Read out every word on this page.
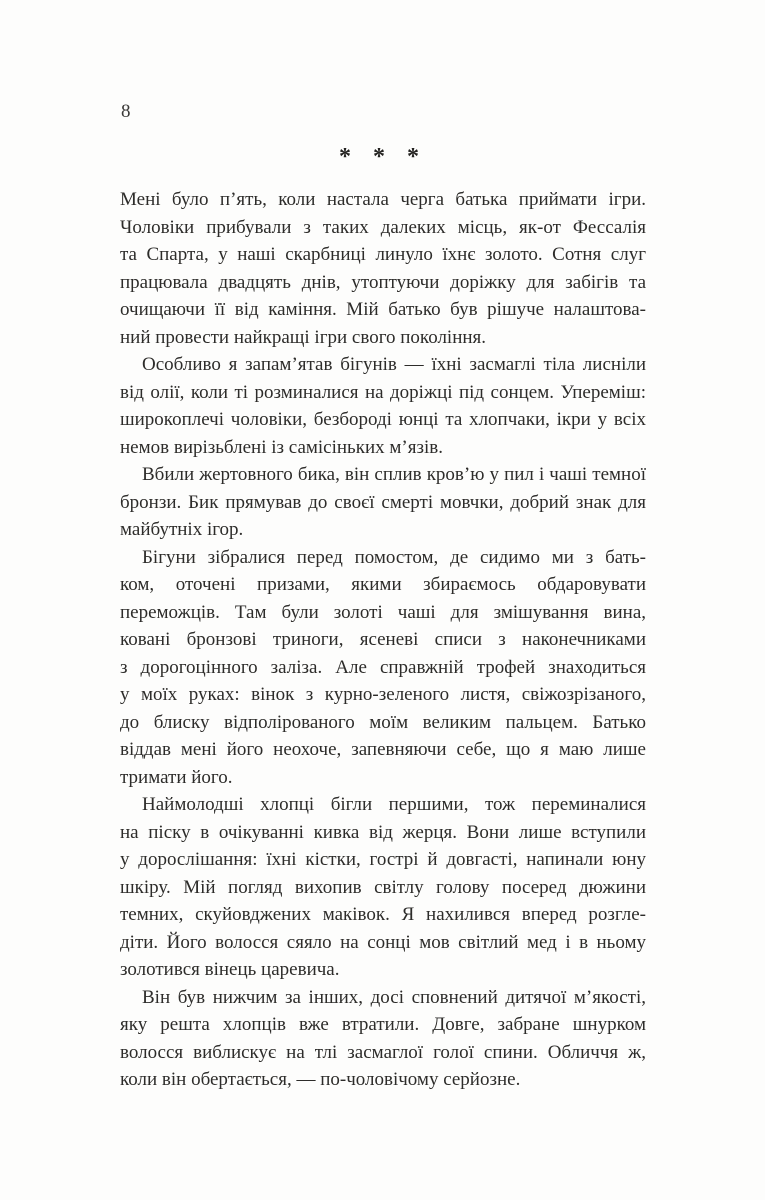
8
* * *
Мені було п’ять, коли настала черга батька приймати ігри.
Чоловіки прибували з таких далеких місць, як-от Фессалія
та Спарта, у наші скарбниці линуло їхнє золото. Сотня слуг
працювала двадцять днів, утоптуючи доріжку для забігів та
очищаючи її від каміння. Мій батько був рішуче налаштова-
ний провести найкращі ігри свого покоління.
Особливо я запам’ятав бігунів — їхні засмаглі тіла лисніли
від олії, коли ті розминалися на доріжці під сонцем. Упереміш:
широкоплечі чоловіки, безбороді юнці та хлопчаки, ікри у всіх
немов вирізьблені із самісіньких м’язів.
Вбили жертовного бика, він сплив кров’ю у пил і чаші темної
бронзи. Бик прямував до своєї смерті мовчки, добрий знак для
майбутніх ігор.
Бігуни зібралися перед помостом, де сидимо ми з бать-
ком, оточені призами, якими збираємось обдаровувати
переможців. Там були золоті чаші для змішування вина,
ковані бронзові триноги, ясеневі списи з наконечниками
з дорогоцінного заліза. Але справжній трофей знаходиться
у моїх руках: вінок з курно-зеленого листя, свіжозрізаного,
до блиску відполірованого моїм великим пальцем. Батько
віддав мені його неохоче, запевняючи себе, що я маю лише
тримати його.
Наймолодші хлопці бігли першими, тож переминалися
на піску в очікуванні кивка від жерця. Вони лише вступили
у дорослішання: їхні кістки, гострі й довгасті, напинали юну
шкіру. Мій погляд вихопив світлу голову посеред дюжини
темних, скуйовджених маківок. Я нахилився вперед розгле-
діти. Його волосся сяяло на сонці мов світлий мед і в ньому
золотився вінець царевича.
Він був нижчим за інших, досі сповнений дитячої м’якості,
яку решта хлопців вже втратили. Довге, забране шнурком
волосся виблискує на тлі засмаглої голої спини. Обличчя ж,
коли він обертається, — по-чоловічому серйозне.
